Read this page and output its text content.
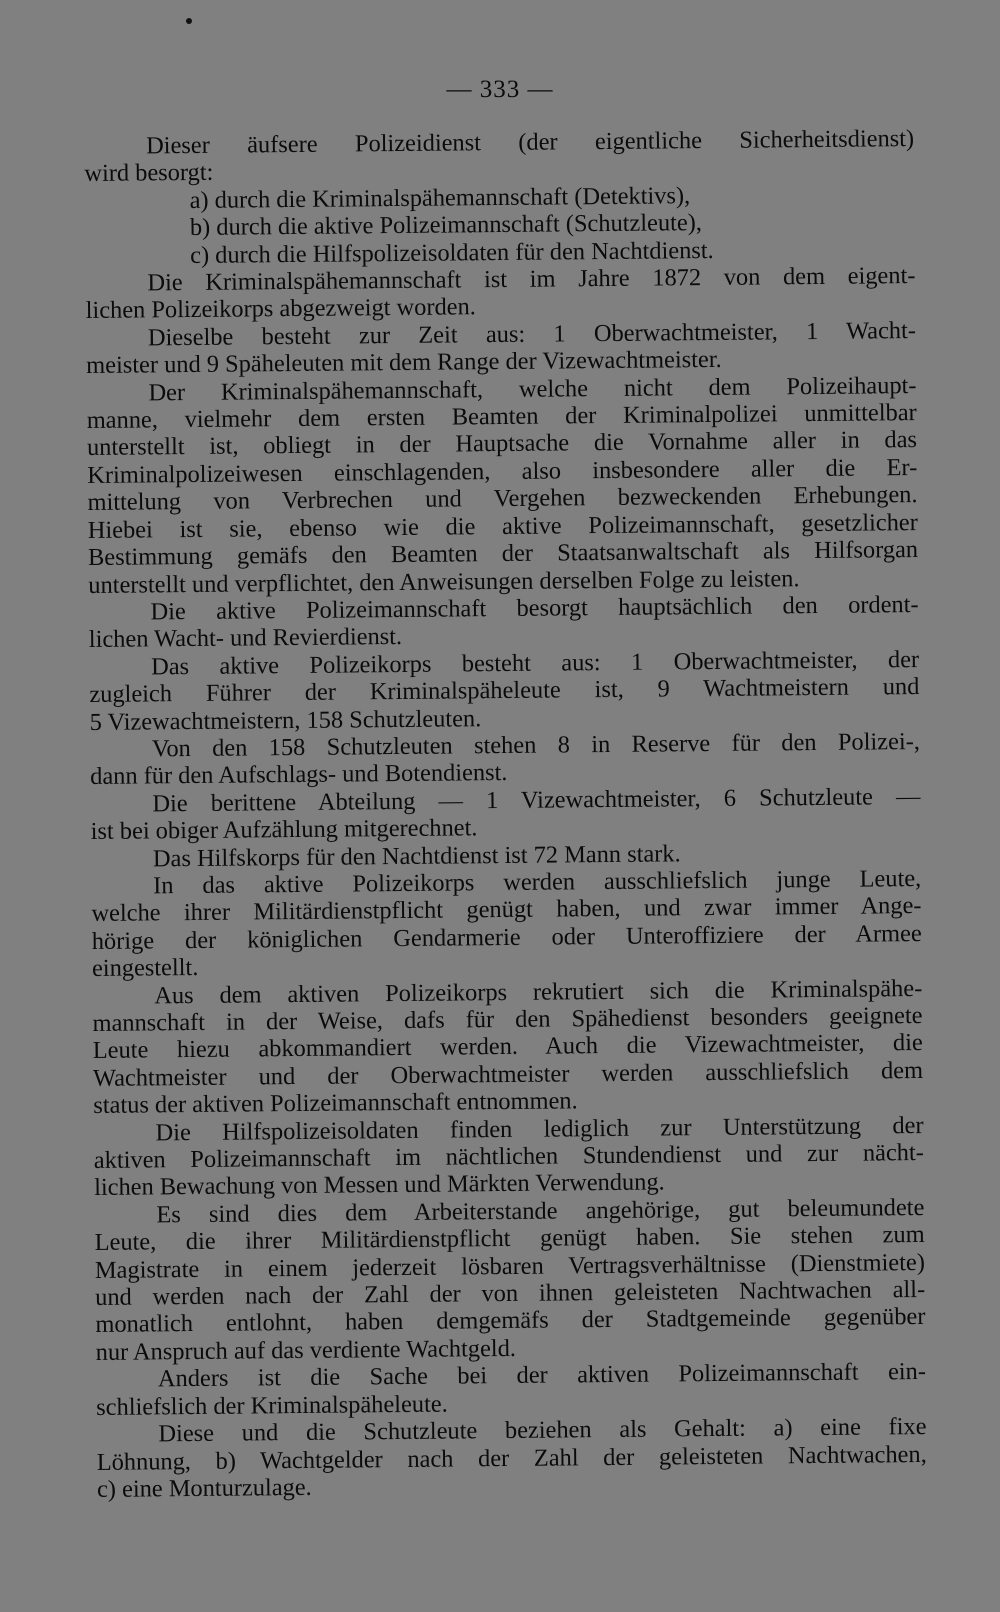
— 333 —
Dieser äufsere Polizeidienst (der eigentliche Sicherheitsdienst)
wird besorgt:
a) durch die Kriminalspähemannschaft (Detektivs),
b) durch die aktive Polizeimannschaft (Schutzleute),
c) durch die Hilfspolizeisoldaten für den Nachtdienst.
Die Kriminalspähemannschaft ist im Jahre 1872 von dem eigent-
lichen Polizeikorps abgezweigt worden.
Dieselbe besteht zur Zeit aus: 1 Oberwachtmeister, 1 Wacht-
meister und 9 Späheleuten mit dem Range der Vizewachtmeister.
Der Kriminalspähemannschaft, welche nicht dem Polizeihaupt-
manne, vielmehr dem ersten Beamten der Kriminalpolizei unmittelbar
unterstellt ist, obliegt in der Hauptsache die Vornahme aller in das
Kriminalpolizeiwesen einschlagenden, also insbesondere aller die Er-
mittelung von Verbrechen und Vergehen bezweckenden Erhebungen.
Hiebei ist sie, ebenso wie die aktive Polizeimannschaft, gesetzlicher
Bestimmung gemäfs den Beamten der Staatsanwaltschaft als Hilfsorgan
unterstellt und verpflichtet, den Anweisungen derselben Folge zu leisten.
Die aktive Polizeimannschaft besorgt hauptsächlich den ordent-
lichen Wacht- und Revierdienst.
Das aktive Polizeikorps besteht aus: 1 Oberwachtmeister, der
zugleich Führer der Kriminalspäheleute ist, 9 Wachtmeistern und
5 Vizewachtmeistern, 158 Schutzleuten.
Von den 158 Schutzleuten stehen 8 in Reserve für den Polizei-,
dann für den Aufschlags- und Botendienst.
Die berittene Abteilung — 1 Vizewachtmeister, 6 Schutzleute —
ist bei obiger Aufzählung mitgerechnet.
Das Hilfskorps für den Nachtdienst ist 72 Mann stark.
In das aktive Polizeikorps werden ausschliefslich junge Leute,
welche ihrer Militärdienstpflicht genügt haben, und zwar immer Ange-
hörige der königlichen Gendarmerie oder Unteroffiziere der Armee
eingestellt.
Aus dem aktiven Polizeikorps rekrutiert sich die Kriminalspähe-
mannschaft in der Weise, dafs für den Spähedienst besonders geeignete
Leute hiezu abkommandiert werden. Auch die Vizewachtmeister, die
Wachtmeister und der Oberwachtmeister werden ausschliefslich dem
status der aktiven Polizeimannschaft entnommen.
Die Hilfspolizeisoldaten finden lediglich zur Unterstützung der
aktiven Polizeimannschaft im nächtlichen Stundendienst und zur nächt-
lichen Bewachung von Messen und Märkten Verwendung.
Es sind dies dem Arbeiterstande angehörige, gut beleumundete
Leute, die ihrer Militärdienstpflicht genügt haben. Sie stehen zum
Magistrate in einem jederzeit lösbaren Vertragsverhältnisse (Dienstmiete)
und werden nach der Zahl der von ihnen geleisteten Nachtwachen all-
monatlich entlohnt, haben demgemäfs der Stadtgemeinde gegenüber
nur Anspruch auf das verdiente Wachtgeld.
Anders ist die Sache bei der aktiven Polizeimannschaft ein-
schliefslich der Kriminalspäheleute.
Diese und die Schutzleute beziehen als Gehalt: a) eine fixe
Löhnung, b) Wachtgelder nach der Zahl der geleisteten Nachtwachen,
c) eine Monturzulage.
